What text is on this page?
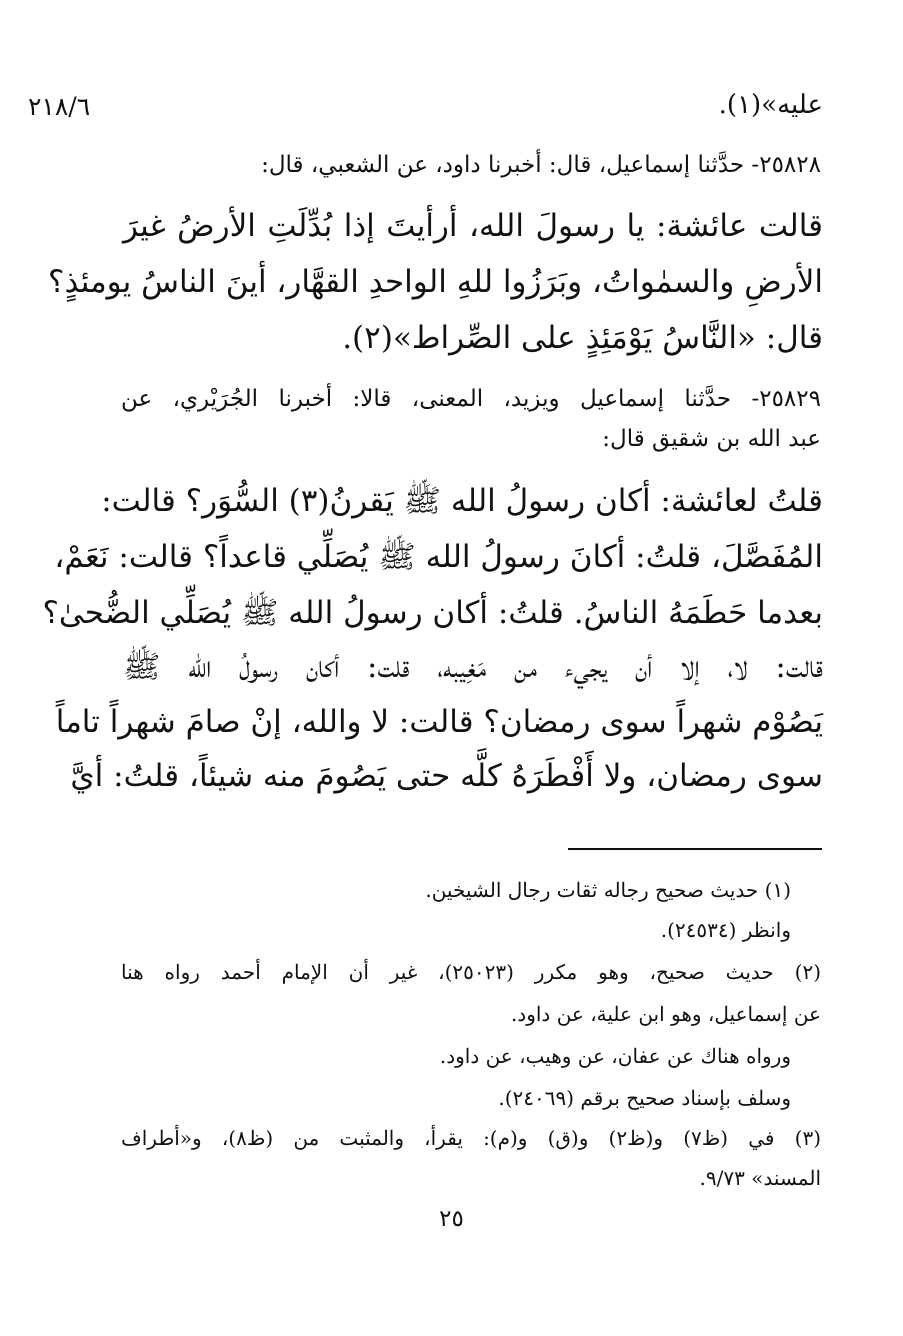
٢١٨/٦	عليه»(١).
٢٥٨٢٨- حدَّثنا إسماعيل، قال: أخبرنا داود، عن الشعبي، قال:
قالت عائشة: يا رسولَ الله، أرأيتَ إذا بُدِّلَتِ الأرضُ غيرَ
الأرضِ والسمٰواتُ، وبَرَزُوا للهِ الواحدِ القهَّار، أينَ الناسُ يومئذٍ؟
قال: «النَّاسُ يَوْمَئِذٍ على الصِّراط»(٢).
٢٥٨٢٩- حدَّثنا إسماعيل ويزيد، المعنى، قالا: أخبرنا الجُرَيْري، عن
عبد الله بن شقيق قال:
قلتُ لعائشة: أكان رسولُ الله ﷺ يَقرنُ(٣) السُّوَر؟ قالت:
المُفَصَّلَ، قلتُ: أكانَ رسولُ الله ﷺ يُصَلِّي قاعداً؟ قالت: نَعَمْ،
بعدما حَطَمَهُ الناسُ. قلتُ: أكان رسولُ الله ﷺ يُصَلِّي الضُّحىٰ؟
قالت: لا، إلا أن يجيء من مَغِيبه، قلت: أكان رسولُ الله ﷺ
يَصُوْم شهراً سوى رمضان؟ قالت: لا والله، إنْ صامَ شهراً تاماً
سوى رمضان، ولا أَفْطَرَهُ كلَّه حتى يَصُومَ منه شيئاً، قلتُ: أيَّ
(١) حديث صحيح رجاله ثقات رجال الشيخين.
وانظر (٢٤٥٣٤).
(٢) حديث صحيح، وهو مكرر (٢٥٠٢٣)، غير أن الإمام أحمد رواه هنا
عن إسماعيل، وهو ابن علية، عن داود.
ورواه هناك عن عفان، عن وهيب، عن داود.
وسلف بإسناد صحيح برقم (٢٤٠٦٩).
(٣) في (ظ٧) و(ظ٢) و(ق) و(م): يقرأ، والمثبت من (ظ٨)، و«أطراف
المسند» ٩/٧٣.
٢٥
